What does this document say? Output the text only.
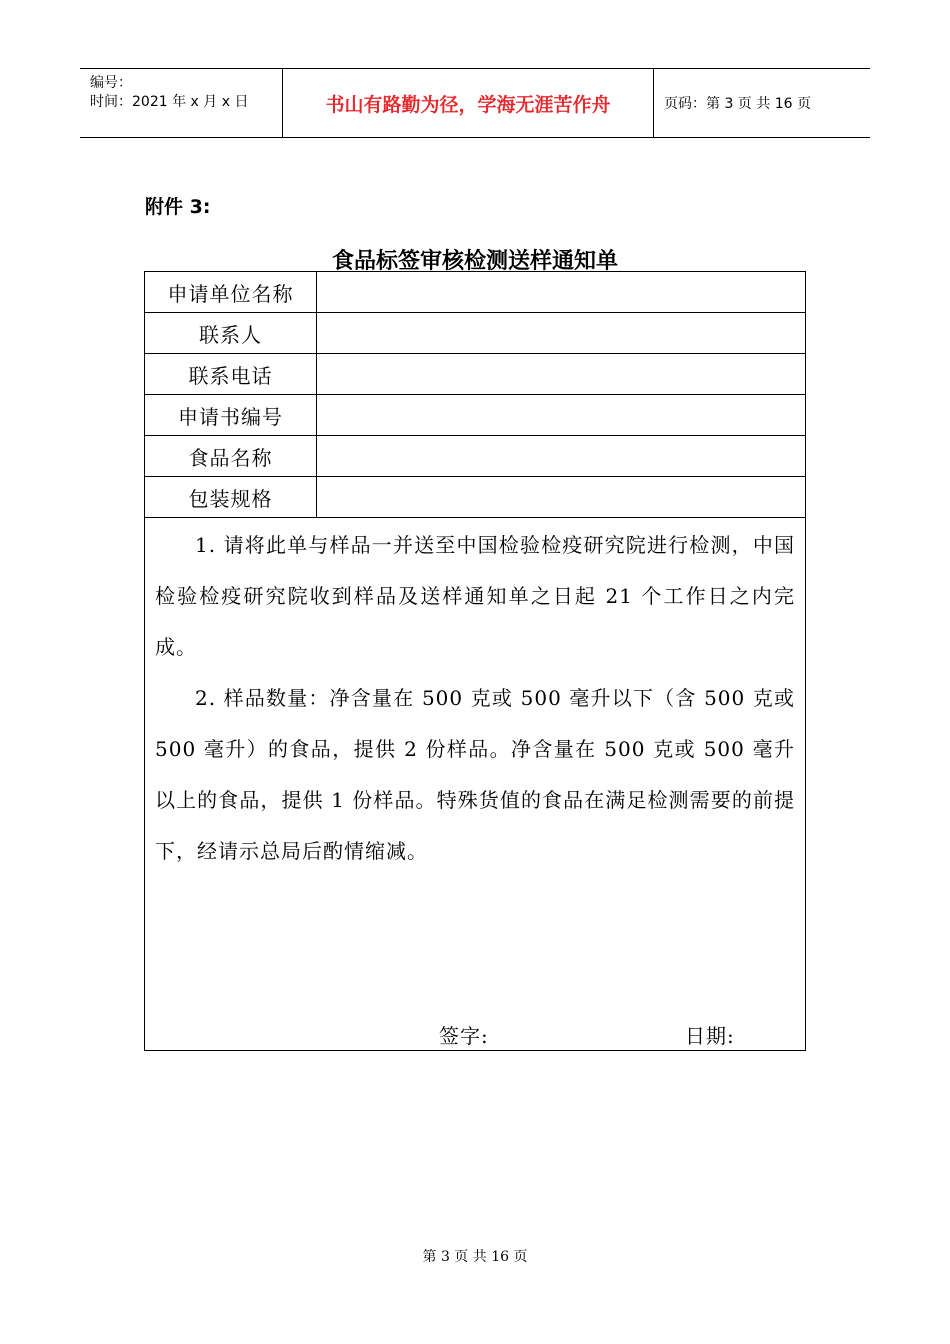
编号：
时间：2021 年 x 月 x 日	书山有路勤为径，学海无涯苦作舟	页码：第 3 页 共 16 页
附件 3:
食品标签审核检测送样通知单
申请单位名称
联系人
联系电话
申请书编号
食品名称
包装规格

1. 请将此单与样品一并送至中国检验检疫研究院进行检测，中国检验检疫研究院收到样品及送样通知单之日起 21 个工作日之内完成。

2. 样品数量：净含量在 500 克或 500 毫升以下（含 500 克或 500 毫升）的食品，提供 2 份样品。净含量在 500 克或 500 毫升以上的食品，提供 1 份样品。特殊货值的食品在满足检测需要的前提下，经请示总局后酌情缩减。

签字:	日期:
第 3 页 共 16 页
